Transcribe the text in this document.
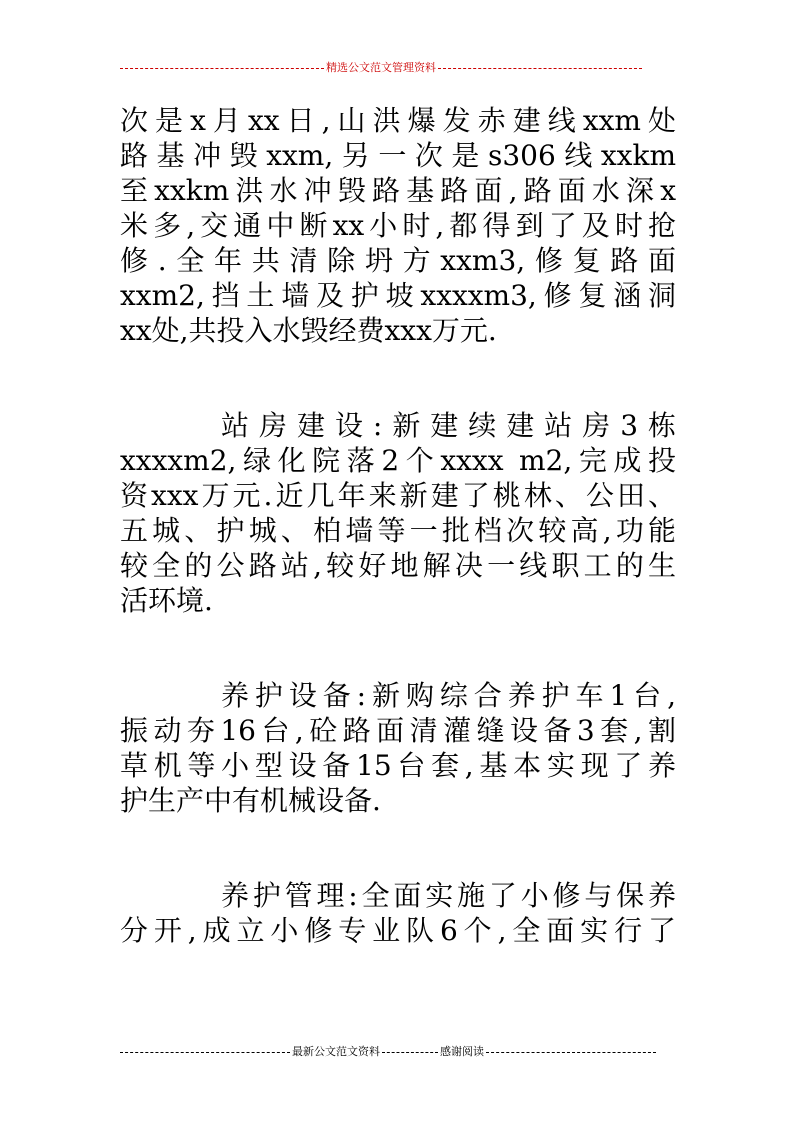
精选公文范文管理资料
次是x月xx日,山洪爆发赤建线xxm处
路基冲毁xxm,另一次是s306线xxkm
至xxkm洪水冲毁路基路面,路面水深x
米多,交通中断xx小时,都得到了及时抢
修.全年共清除坍方xxm3,修复路面
xxm2,挡土墙及护坡xxxxm3,修复涵洞
xx处,共投入水毁经费xxx万元.
站房建设:新建续建站房3栋
xxxxm2,绿化院落2个xxxx m2,完成投
资xxx万元.近几年来新建了桃林、公田、
五城、护城、柏墙等一批档次较高,功能
较全的公路站,较好地解决一线职工的生
活环境.
养护设备:新购综合养护车1台,
振动夯16台,砼路面清灌缝设备3套,割
草机等小型设备15台套,基本实现了养
护生产中有机械设备.
养护管理:全面实施了小修与保养
分开,成立小修专业队6个,全面实行了
最新公文范文资料	感谢阅读
